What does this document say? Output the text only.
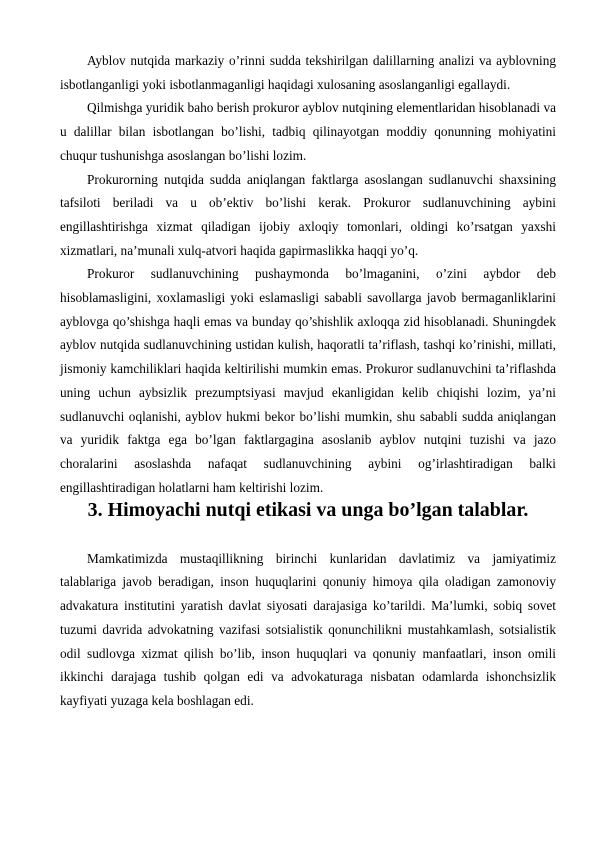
Ayblov nutqida markaziy o’rinni sudda tekshirilgan dalillarning analizi va ayblovning isbotlanganligi yoki isbotlanmaganligi haqidagi xulosaning asoslanganligi egallaydi.

Qilmishga yuridik baho berish prokuror ayblov nutqining elementlaridan hisoblanadi va u dalillar bilan isbotlangan bo’lishi, tadbiq qilinayotgan moddiy qonunning mohiyatini chuqur tushunishga asoslangan bo’lishi lozim.

Prokurorning nutqida sudda aniqlangan faktlarga asoslangan sudlanuvchi shaxsining tafsiloti beriladi va u ob’ektiv bo’lishi kerak. Prokuror sudlanuvchining aybini engillashtirishga xizmat qiladigan ijobiy axloqiy tomonlari, oldingi ko’rsatgan yaxshi xizmatlari, na’munali xulq-atvori haqida gapirmaslikka haqqi yo’q.

Prokuror sudlanuvchining pushaymonda bo’lmaganini, o’zini aybdor deb hisoblamasligini, xoxlamasligi yoki eslamasligi sababli savollarga javob bermaganliklarini ayblovga qo’shishga haqli emas va bunday qo’shishlik axloqqa zid hisoblanadi. Shuningdek ayblov nutqida sudlanuvchining ustidan kulish, haqoratli ta’riflash, tashqi ko’rinishi, millati, jismoniy kamchiliklari haqida keltirilishi mumkin emas. Prokuror sudlanuvchini ta’riflashda uning uchun aybsizlik prezumptsiyasi mavjud ekanligidan kelib chiqishi lozim, ya’ni sudlanuvchi oqlanishi, ayblov hukmi bekor bo’lishi mumkin, shu sababli sudda aniqlangan va yuridik faktga ega bo’lgan faktlargagina asoslanib ayblov nutqini tuzishi va jazo choralarini asoslashda nafaqat sudlanuvchining aybini og’irlashtiradigan balki engillashtiradigan holatlarni ham keltirishi lozim.

3. Himoyachi nutqi etikasi va unga bo’lgan talablar.

Mamkatimizda mustaqillikning birinchi kunlaridan davlatimiz va jamiyatimiz talablariga javob beradigan, inson huquqlarini qonuniy himoya qila oladigan zamonoviy advakatura institutini yaratish davlat siyosati darajasiga ko’tarildi. Ma’lumki, sobiq sovet tuzumi davrida advokatning vazifasi sotsialistik qonunchilikni mustahkamlash, sotsialistik odil sudlovga xizmat qilish bo’lib, inson huquqlari va qonuniy manfaatlari, inson omili ikkinchi darajaga tushib qolgan edi va advokaturaga nisbatan odamlarda ishonchsizlik kayfiyati yuzaga kela boshlagan edi.
